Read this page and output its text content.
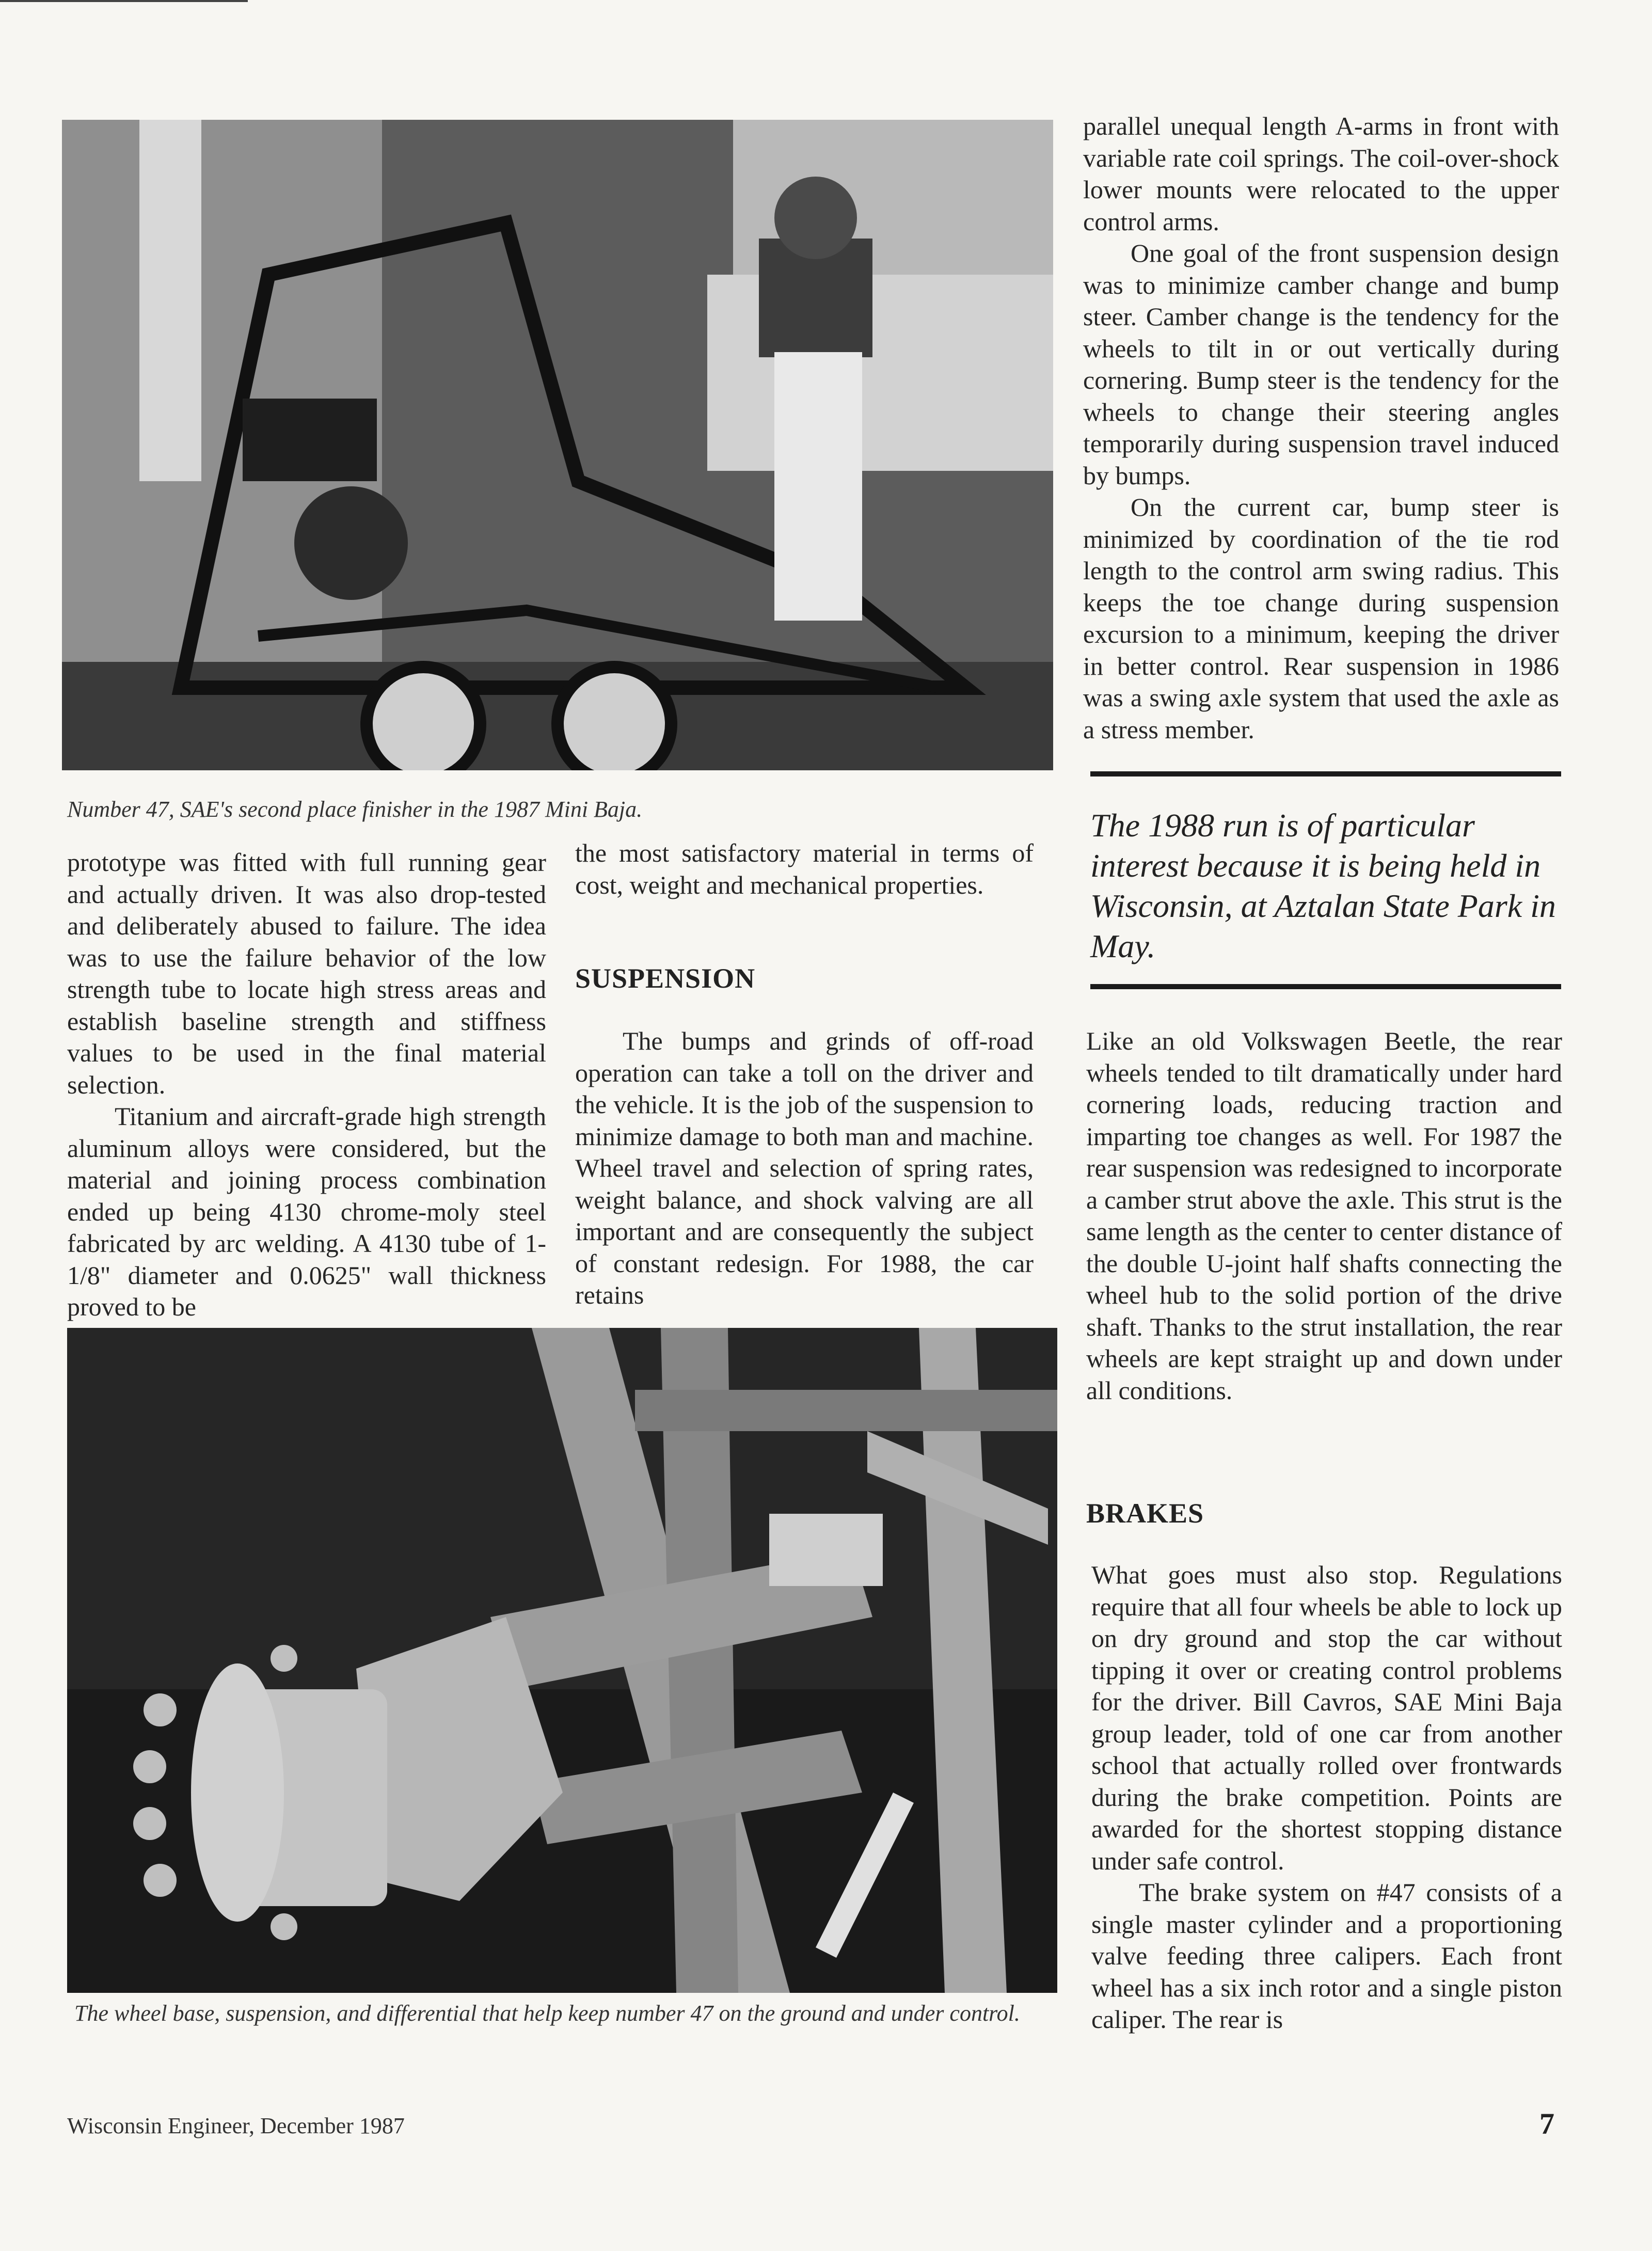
Number 47, SAE's second place finisher in the 1987 Mini Baja.

parallel unequal length A-arms in front with variable rate coil springs. The coil-over-shock lower mounts were relocated to the upper control arms.

One goal of the front suspension design was to minimize camber change and bump steer. Camber change is the tendency for the wheels to tilt in or out vertically during cornering. Bump steer is the tendency for the wheels to change their steering angles temporarily during suspension travel induced by bumps.

On the current car, bump steer is minimized by coordination of the tie rod length to the control arm swing radius. This keeps the toe change during suspension excursion to a minimum, keeping the driver in better control. Rear suspension in 1986 was a swing axle system that used the axle as a stress member.

The 1988 run is of particular interest because it is being held in Wisconsin, at Aztalan State Park in May.

prototype was fitted with full running gear and actually driven. It was also drop-tested and deliberately abused to failure. The idea was to use the failure behavior of the low strength tube to locate high stress areas and establish baseline strength and stiffness values to be used in the final material selection.

Titanium and aircraft-grade high strength aluminum alloys were considered, but the material and joining process combination ended up being 4130 chrome-moly steel fabricated by arc welding. A 4130 tube of 1-1/8" diameter and 0.0625" wall thickness proved to be

the most satisfactory material in terms of cost, weight and mechanical properties.

SUSPENSION

The bumps and grinds of off-road operation can take a toll on the driver and the vehicle. It is the job of the suspension to minimize damage to both man and machine. Wheel travel and selection of spring rates, weight balance, and shock valving are all important and are consequently the subject of constant redesign. For 1988, the car retains

Like an old Volkswagen Beetle, the rear wheels tended to tilt dramatically under hard cornering loads, reducing traction and imparting toe changes as well. For 1987 the rear suspension was redesigned to incorporate a camber strut above the axle. This strut is the same length as the center to center distance of the double U-joint half shafts connecting the wheel hub to the solid portion of the drive shaft. Thanks to the strut installation, the rear wheels are kept straight up and down under all conditions.

BRAKES

What goes must also stop. Regulations require that all four wheels be able to lock up on dry ground and stop the car without tipping it over or creating control problems for the driver. Bill Cavros, SAE Mini Baja group leader, told of one car from another school that actually rolled over frontwards during the brake competition. Points are awarded for the shortest stopping distance under safe control.

The brake system on #47 consists of a single master cylinder and a proportioning valve feeding three calipers. Each front wheel has a six inch rotor and a single piston caliper. The rear is

The wheel base, suspension, and differential that help keep number 47 on the ground and under control.
Wisconsin Engineer, December 1987	7
